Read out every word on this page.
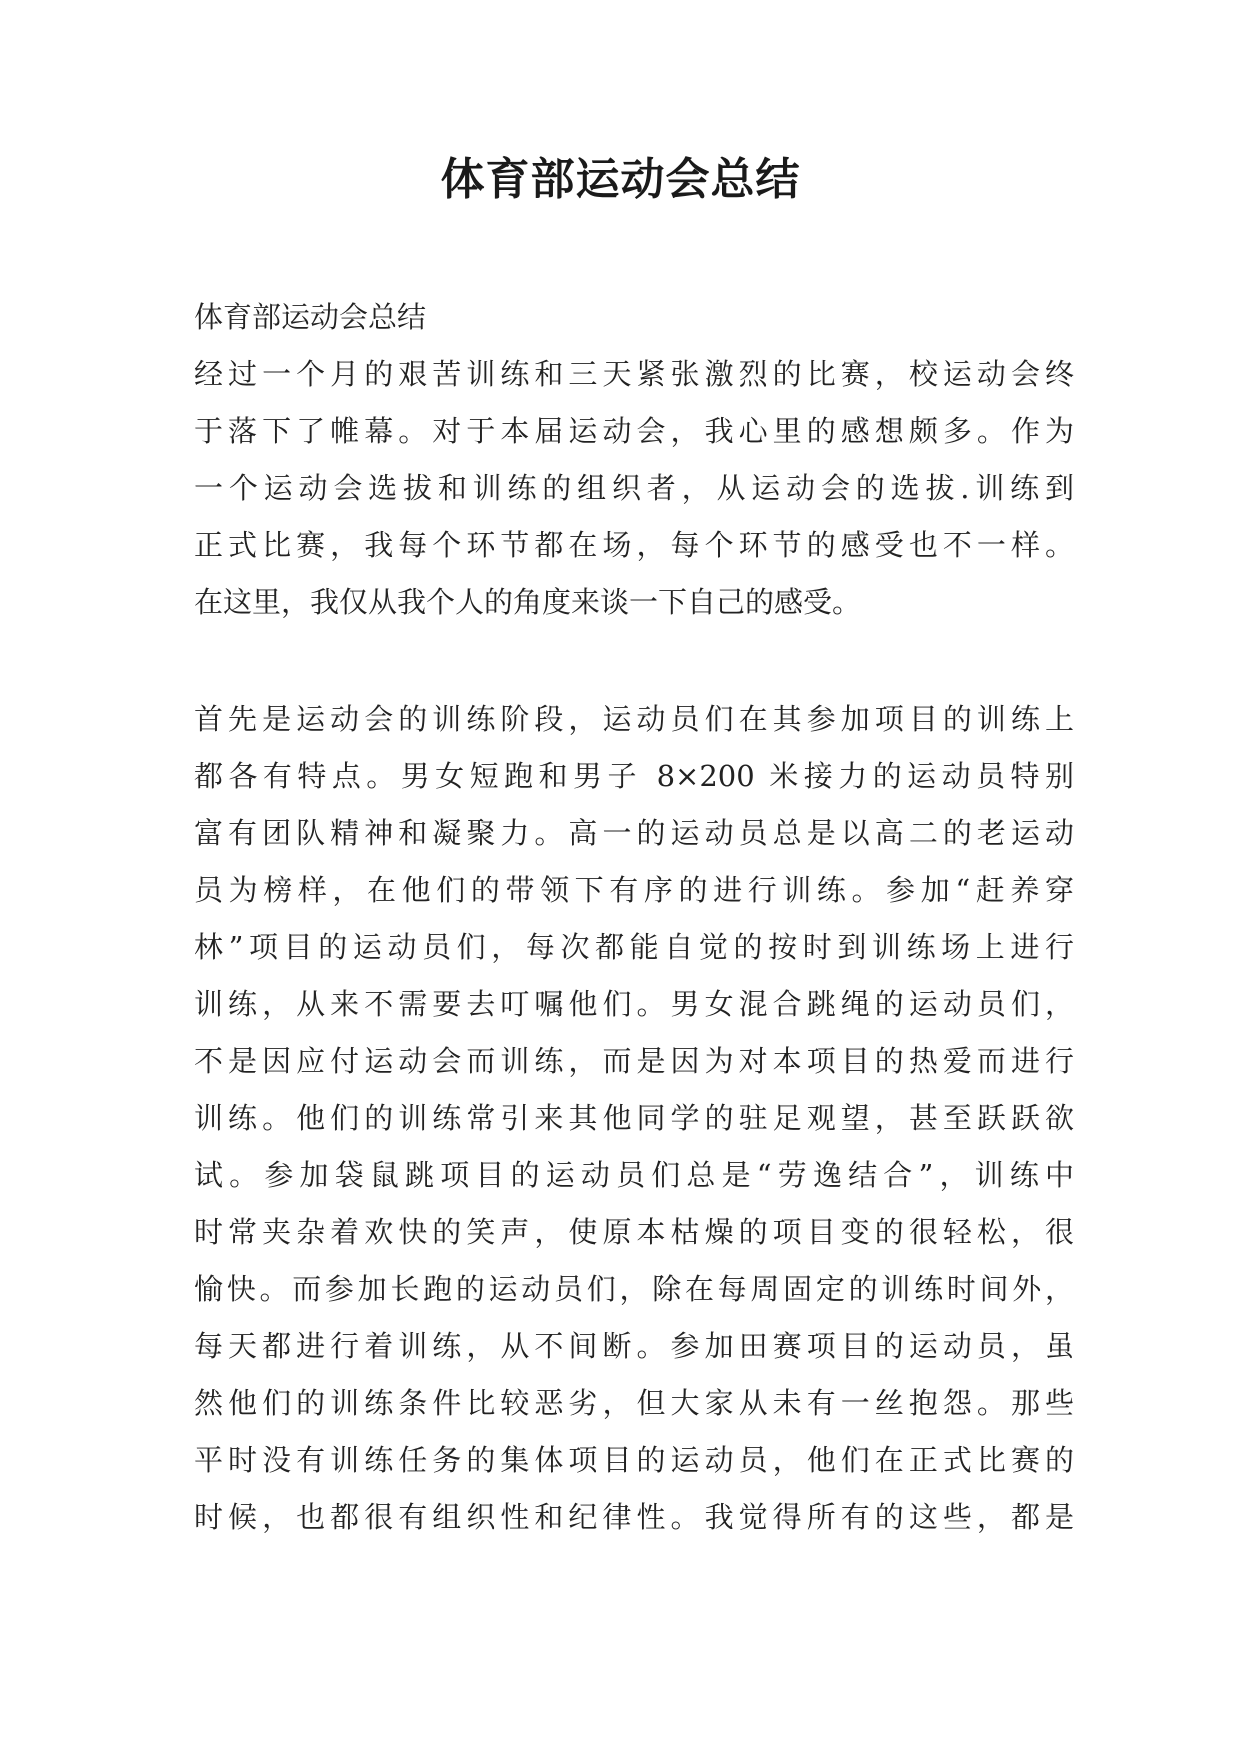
体育部运动会总结
体育部运动会总结
经过一个月的艰苦训练和三天紧张激烈的比赛，校运动会终
于落下了帷幕。对于本届运动会，我心里的感想颇多。作为
一个运动会选拔和训练的组织者，从运动会的选拔.训练到
正式比赛，我每个环节都在场，每个环节的感受也不一样。
在这里，我仅从我个人的角度来谈一下自己的感受。
首先是运动会的训练阶段，运动员们在其参加项目的训练上
都各有特点。男女短跑和男子 8×200 米接力的运动员特别
富有团队精神和凝聚力。高一的运动员总是以高二的老运动
员为榜样，在他们的带领下有序的进行训练。参加“赶养穿
林”项目的运动员们，每次都能自觉的按时到训练场上进行
训练，从来不需要去叮嘱他们。男女混合跳绳的运动员们，
不是因应付运动会而训练，而是因为对本项目的热爱而进行
训练。他们的训练常引来其他同学的驻足观望，甚至跃跃欲
试。参加袋鼠跳项目的运动员们总是“劳逸结合”，训练中
时常夹杂着欢快的笑声，使原本枯燥的项目变的很轻松，很
愉快。而参加长跑的运动员们，除在每周固定的训练时间外，
每天都进行着训练，从不间断。参加田赛项目的运动员，虽
然他们的训练条件比较恶劣，但大家从未有一丝抱怨。那些
平时没有训练任务的集体项目的运动员，他们在正式比赛的
时候，也都很有组织性和纪律性。我觉得所有的这些，都是
